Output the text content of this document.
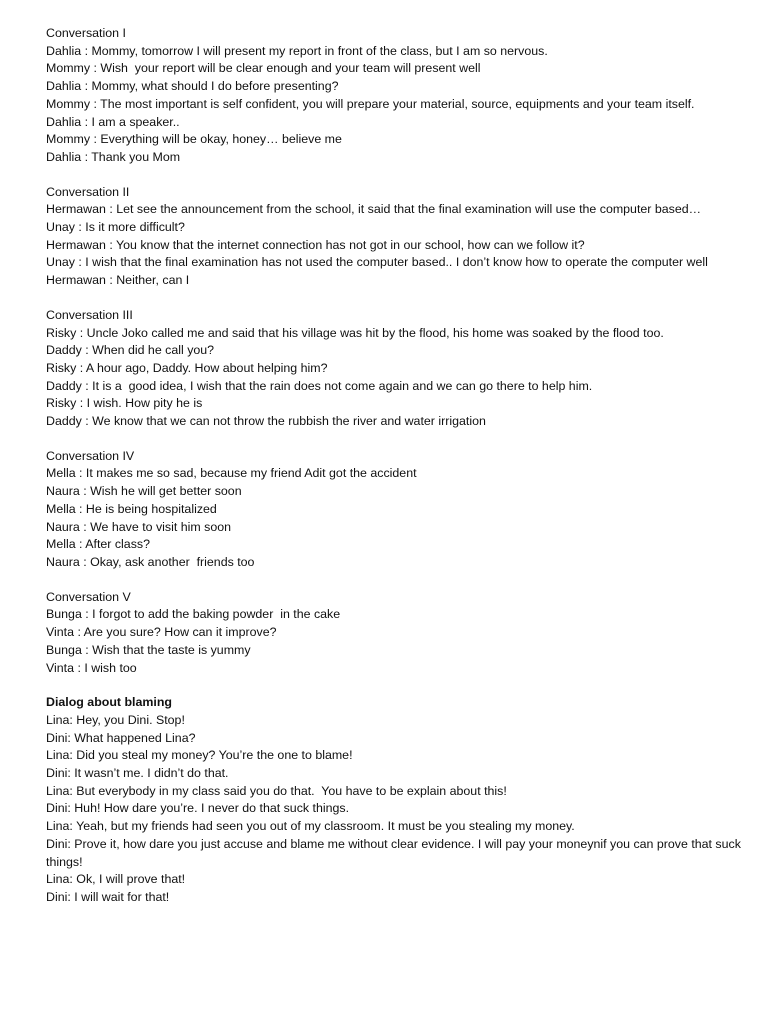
Conversation I

Dahlia : Mommy, tomorrow I will present my report in front of the class, but I am so nervous.

Mommy : Wish  your report will be clear enough and your team will present well

Dahlia : Mommy, what should I do before presenting?

Mommy : The most important is self confident, you will prepare your material, source, equipments and your team itself.

Dahlia : I am a speaker..

Mommy : Everything will be okay, honey… believe me

Dahlia : Thank you Mom

Conversation II

Hermawan : Let see the announcement from the school, it said that the final examination will use the computer based…

Unay : Is it more difficult?

Hermawan : You know that the internet connection has not got in our school, how can we follow it?

Unay : I wish that the final examination has not used the computer based.. I don’t know how to operate the computer well

Hermawan : Neither, can I

Conversation III

Risky : Uncle Joko called me and said that his village was hit by the flood, his home was soaked by the flood too.

Daddy : When did he call you?

Risky : A hour ago, Daddy. How about helping him?

Daddy : It is a  good idea, I wish that the rain does not come again and we can go there to help him.

Risky : I wish. How pity he is

Daddy : We know that we can not throw the rubbish the river and water irrigation

Conversation IV

Mella : It makes me so sad, because my friend Adit got the accident

Naura : Wish he will get better soon

Mella : He is being hospitalized

Naura : We have to visit him soon

Mella : After class?

Naura : Okay, ask another  friends too

Conversation V

Bunga : I forgot to add the baking powder  in the cake

Vinta : Are you sure? How can it improve?

Bunga : Wish that the taste is yummy

Vinta : I wish too

Dialog about blaming

Lina: Hey, you Dini. Stop!

Dini: What happened Lina?

Lina: Did you steal my money? You’re the one to blame!

Dini: It wasn’t me. I didn’t do that.

Lina: But everybody in my class said you do that.  You have to be explain about this!

Dini: Huh! How dare you’re. I never do that suck things.

Lina: Yeah, but my friends had seen you out of my classroom. It must be you stealing my money.

Dini: Prove it, how dare you just accuse and blame me without clear evidence. I will pay your moneynif you can prove that suck things!

Lina: Ok, I will prove that!

Dini: I will wait for that!
